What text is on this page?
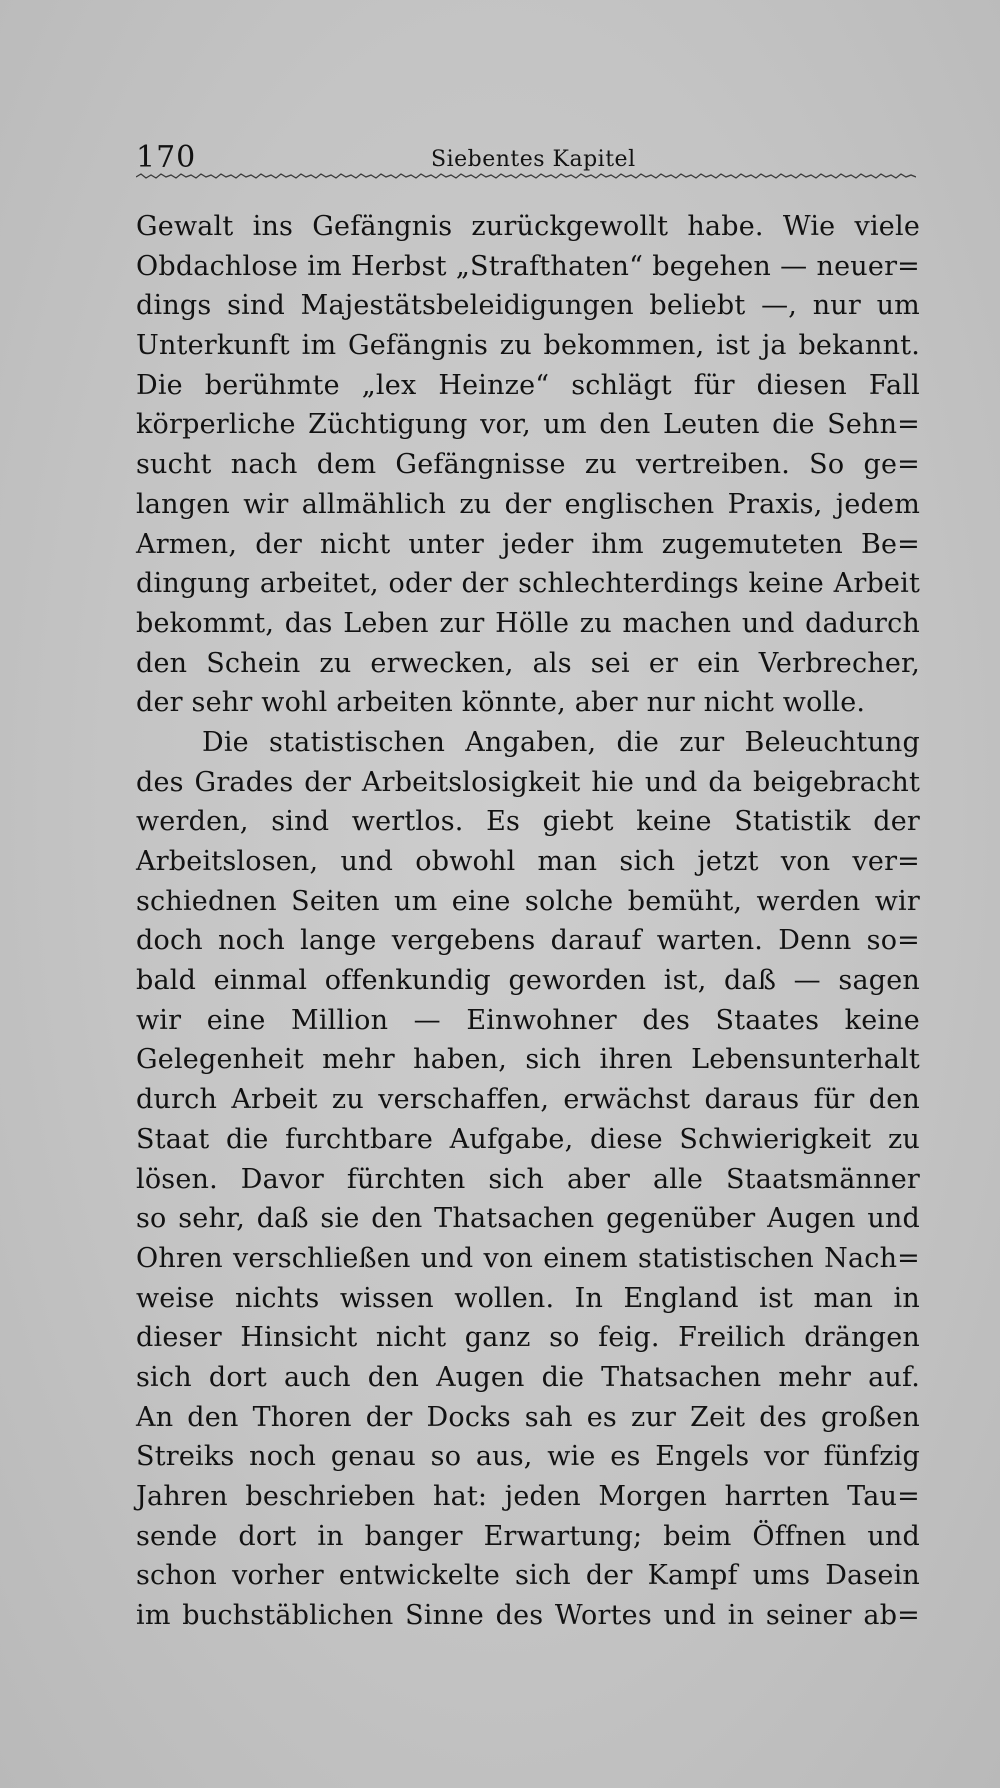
170	Siebentes Kapitel
Gewalt ins Gefängnis zurückgewollt habe. Wie viele
Obdachlose im Herbst „Strafthaten“ begehen — neuer=
dings sind Majestätsbeleidigungen beliebt —, nur um
Unterkunft im Gefängnis zu bekommen, ist ja bekannt.
Die berühmte „lex Heinze“ schlägt für diesen Fall
körperliche Züchtigung vor, um den Leuten die Sehn=
sucht nach dem Gefängnisse zu vertreiben. So ge=
langen wir allmählich zu der englischen Praxis, jedem
Armen, der nicht unter jeder ihm zugemuteten Be=
dingung arbeitet, oder der schlechterdings keine Arbeit
bekommt, das Leben zur Hölle zu machen und dadurch
den Schein zu erwecken, als sei er ein Verbrecher,
der sehr wohl arbeiten könnte, aber nur nicht wolle.
Die statistischen Angaben, die zur Beleuchtung
des Grades der Arbeitslosigkeit hie und da beigebracht
werden, sind wertlos. Es giebt keine Statistik der
Arbeitslosen, und obwohl man sich jetzt von ver=
schiednen Seiten um eine solche bemüht, werden wir
doch noch lange vergebens darauf warten. Denn so=
bald einmal offenkundig geworden ist, daß — sagen
wir eine Million — Einwohner des Staates keine
Gelegenheit mehr haben, sich ihren Lebensunterhalt
durch Arbeit zu verschaffen, erwächst daraus für den
Staat die furchtbare Aufgabe, diese Schwierigkeit zu
lösen. Davor fürchten sich aber alle Staatsmänner
so sehr, daß sie den Thatsachen gegenüber Augen und
Ohren verschließen und von einem statistischen Nach=
weise nichts wissen wollen. In England ist man in
dieser Hinsicht nicht ganz so feig. Freilich drängen
sich dort auch den Augen die Thatsachen mehr auf.
An den Thoren der Docks sah es zur Zeit des großen
Streiks noch genau so aus, wie es Engels vor fünfzig
Jahren beschrieben hat: jeden Morgen harrten Tau=
sende dort in banger Erwartung; beim Öffnen und
schon vorher entwickelte sich der Kampf ums Dasein
im buchstäblichen Sinne des Wortes und in seiner ab=
